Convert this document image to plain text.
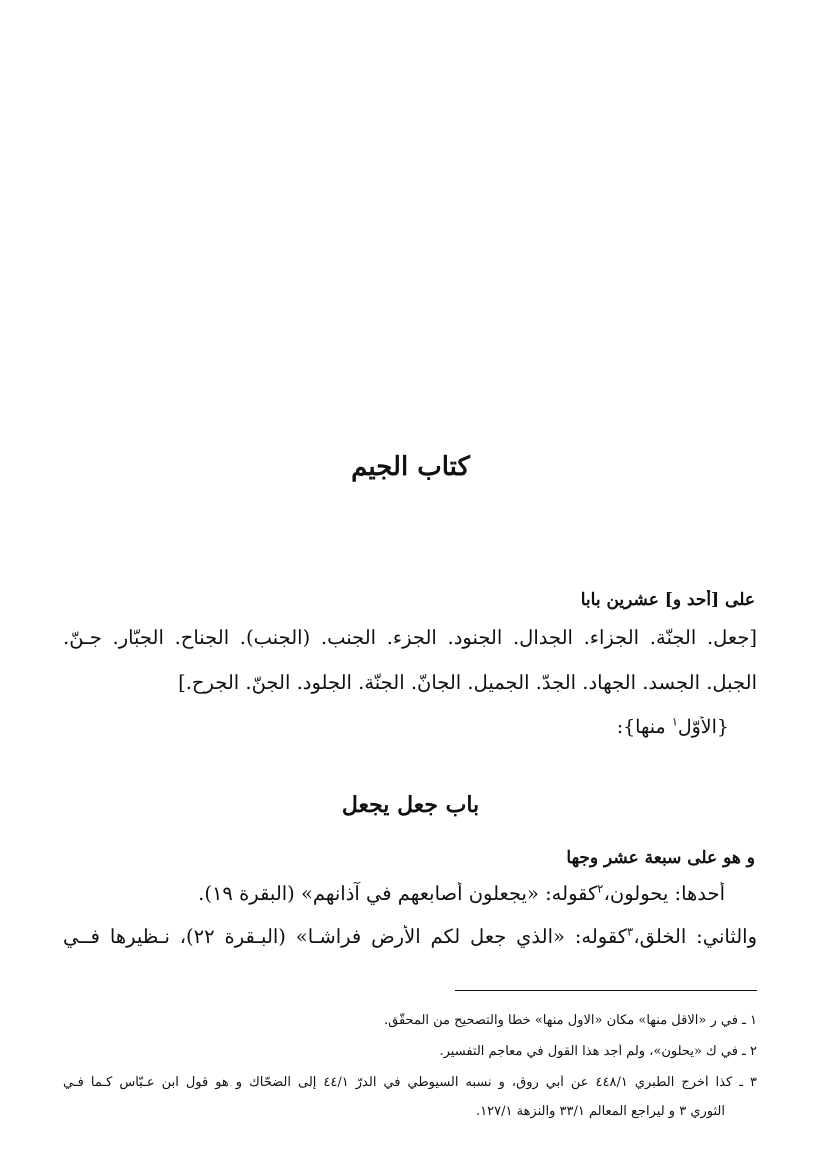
كتاب الجيم

على [أحد و] عشرين بابا

[جعل. الجنّة. الجزاء. الجدال. الجنود. الجزء. الجنب. (الجنب). الجناح. الجبّار. جـنّ.

الجبل. الجسد. الجهاد. الجدّ. الجميل. الجانّ. الجنّة. الجلود. الجنّ. الجرح.]

{الأوّل$^١$ منها}:

باب جعل يجعل

و هو على سبعة عشر وجها

أحدها: يحولون،$^٢$كقوله: «يجعلون أصابعهم في آذانهم» (البقرة ١٩).

والثاني: الخلق،$^٣$كقوله: «الذي جعل لكم الأرض فراشـا» (البـقرة ٢٢)، نـظيرها فــي

١ ـ في ر «الاقل منها» مكان «الاول منها» خطأ والتصحيح من المحقّق.

٢ ـ في ك «يحلون»، ولم أجد هذا القول في معاجم التفسير.

٣ ـ كذا أخرج الطبري ٤٤٨/١ عن أبي روق، و نسبه السيوطي في الدرّ ٤٤/١ إلى الضحّاك و هو قول ابن عـبّاس كـما فـي

الثوري ٣ و ليراجع المعالم ٣٣/١ والنزهة ١٢٧/١.
